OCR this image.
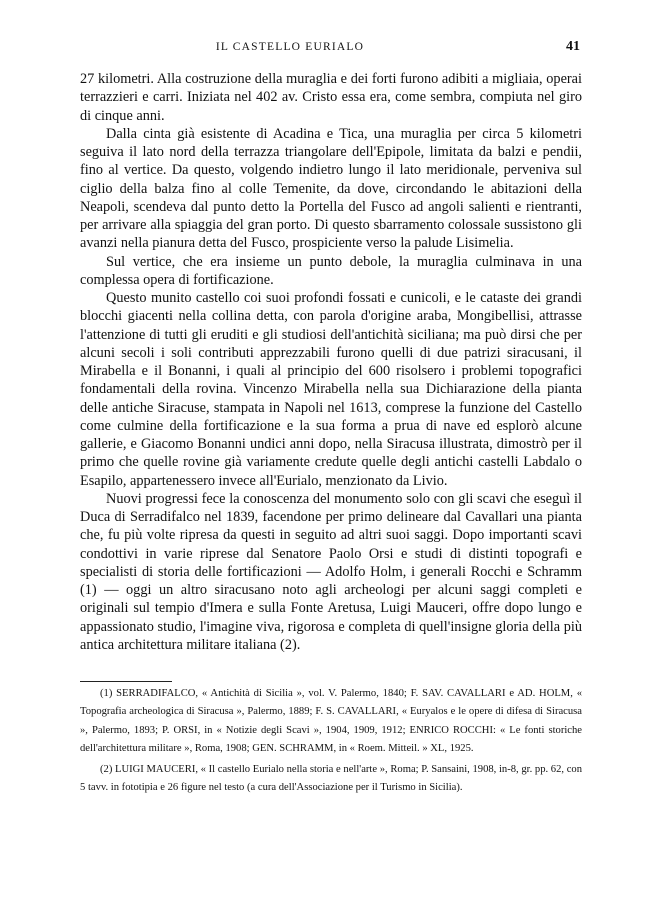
IL CASTELLO EURIALO	41

27 kilometri. Alla costruzione della muraglia e dei forti furono adibiti a migliaia, operai terrazzieri e carri. Iniziata nel 402 av. Cristo essa era, come sembra, compiuta nel giro di cinque anni.

Dalla cinta già esistente di Acadina e Tica, una muraglia per circa 5 kilometri seguiva il lato nord della terrazza triangolare dell'Epipole, limitata da balzi e pendii, fino al vertice. Da questo, volgendo indietro lungo il lato meridionale, perveniva sul ciglio della balza fino al colle Temenite, da dove, circondando le abitazioni della Neapoli, scendeva dal punto detto la Portella del Fusco ad angoli salienti e rientranti, per arrivare alla spiaggia del gran porto. Di questo sbarramento colossale sussistono gli avanzi nella pianura detta del Fusco, prospiciente verso la palude Lisimelia.

Sul vertice, che era insieme un punto debole, la muraglia culminava in una complessa opera di fortificazione.

Questo munito castello coi suoi profondi fossati e cunicoli, e le cataste dei grandi blocchi giacenti nella collina detta, con parola d'origine araba, Mongibellisi, attrasse l'attenzione di tutti gli eruditi e gli studiosi dell'antichità siciliana; ma può dirsi che per alcuni secoli i soli contributi apprezzabili furono quelli di due patrizi siracusani, il Mirabella e il Bonanni, i quali al principio del 600 risolsero i problemi topografici fondamentali della rovina. Vincenzo Mirabella nella sua Dichiarazione della pianta delle antiche Siracuse, stampata in Napoli nel 1613, comprese la funzione del Castello come culmine della fortificazione e la sua forma a prua di nave ed esplorò alcune gallerie, e Giacomo Bonanni undici anni dopo, nella Siracusa illustrata, dimostrò per il primo che quelle rovine già variamente credute quelle degli antichi castelli Labdalo o Esapilo, appartenessero invece all'Eurialo, menzionato da Livio.

Nuovi progressi fece la conoscenza del monumento solo con gli scavi che eseguì il Duca di Serradifalco nel 1839, facendone per primo delineare dal Cavallari una pianta che, fu più volte ripresa da questi in seguito ad altri suoi saggi. Dopo importanti scavi condottivi in varie riprese dal Senatore Paolo Orsi e studi di distinti topografi e specialisti di storia delle fortificazioni — Adolfo Holm, i generali Rocchi e Schramm (1) — oggi un altro siracusano noto agli archeologi per alcuni saggi completi e originali sul tempio d'Imera e sulla Fonte Aretusa, Luigi Mauceri, offre dopo lungo e appassionato studio, l'imagine viva, rigorosa e completa di quell'insigne gloria della più antica architettura militare italiana (2).

(1) SERRADIFALCO, « Antichità di Sicilia », vol. V. Palermo, 1840; F. SAV. CAVALLARI e AD. HOLM, « Topografia archeologica di Siracusa », Palermo, 1889; F. S. CAVALLARI, « Euryalos e le opere di difesa di Siracusa », Palermo, 1893; P. ORSI, in « Notizie degli Scavi », 1904, 1909, 1912; ENRICO ROCCHI: « Le fonti storiche dell'architettura militare », Roma, 1908; GEN. SCHRAMM, in « Roem. Mitteil. » XL, 1925.

(2) LUIGI MAUCERI, « Il castello Eurialo nella storia e nell'arte », Roma; P. Sansaini, 1908, in-8, gr. pp. 62, con 5 tavv. in fototipia e 26 figure nel testo (a cura dell'Associazione per il Turismo in Sicilia).
